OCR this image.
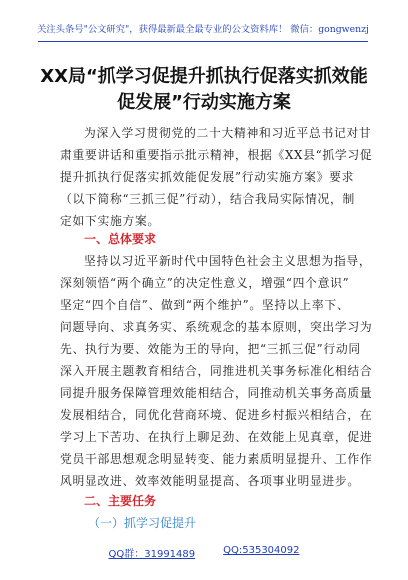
关注头条号"公文研究"，获得最新最全最专业的公文资料库！ 微信：gongwenzj
XX局“抓学习促提升抓执行促落实抓效能
促发展”行动实施方案
为深入学习贯彻党的二十大精神和习近平总书记对甘
肃重要讲话和重要指示批示精神，根据《XX县“抓学习促
提升抓执行促落实抓效能促发展”行动实施方案》要求
（以下简称“三抓三促”行动），结合我局实际情况，制
定如下实施方案。
一、总体要求
坚持以习近平新时代中国特色社会主义思想为指导，
深刻领悟“两个确立”的决定性意义，增强“四个意识”
坚定“四个自信”、做到“两个维护”。坚持以上率下、
问题导向、求真务实、系统观念的基本原则，突出学习为
先、执行为要、效能为王的导向，把“三抓三促”行动同
深入开展主题教育相结合，同推进机关事务标准化相结合
同提升服务保障管理效能相结合，同推动机关事务高质量
发展相结合，同优化营商环境、促进乡村振兴相结合，在
学习上下苦功、在执行上聊足劲、在效能上见真章，促进
党员干部思想观念明显转变、能力素质明显提升、工作作
风明显改进、效率效能明显提高、各项事业明显进步。
二、主要任务
（一）抓学习促提升
QQ群：31991489	QQ:535304092
